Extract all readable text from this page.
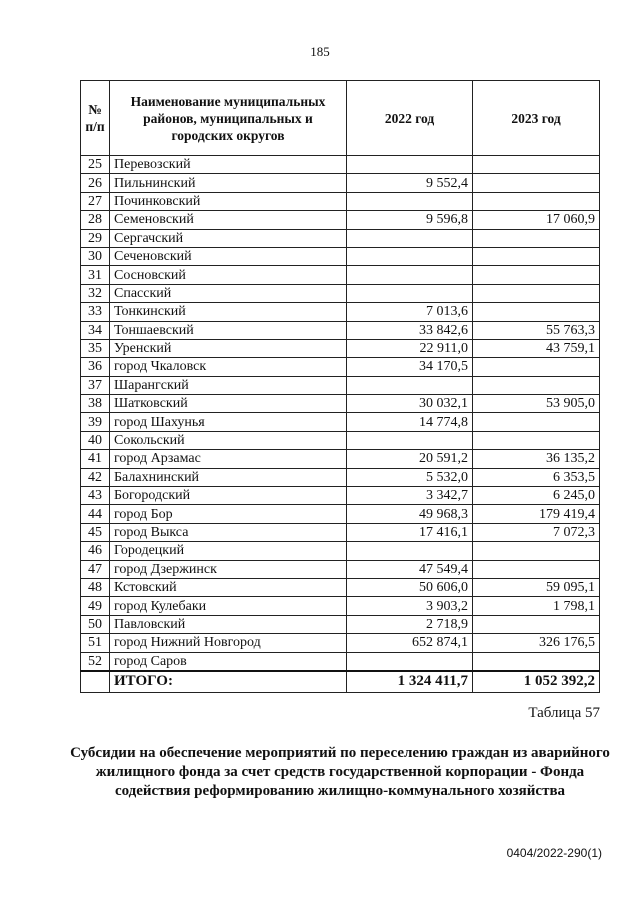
185
№ п/п	Наименование муниципальных районов, муниципальных и городских округов	2022 год	2023 год
25	Перевозский		
26	Пильнинский	9 552,4	
27	Починковский		
28	Семеновский	9 596,8	17 060,9
29	Сергачский		
30	Сеченовский		
31	Сосновский		
32	Спасский		
33	Тонкинский	7 013,6	
34	Тоншаевский	33 842,6	55 763,3
35	Уренский	22 911,0	43 759,1
36	город Чкаловск	34 170,5	
37	Шарангский		
38	Шатковский	30 032,1	53 905,0
39	город Шахунья	14 774,8	
40	Сокольский		
41	город Арзамас	20 591,2	36 135,2
42	Балахнинский	5 532,0	6 353,5
43	Богородский	3 342,7	6 245,0
44	город Бор	49 968,3	179 419,4
45	город Выкса	17 416,1	7 072,3
46	Городецкий		
47	город Дзержинск	47 549,4	
48	Кстовский	50 606,0	59 095,1
49	город Кулебаки	3 903,2	1 798,1
50	Павловский	2 718,9	
51	город Нижний Новгород	652 874,1	326 176,5
52	город Саров		
	ИТОГО:	1 324 411,7	1 052 392,2
Таблица 57
Субсидии на обеспечение мероприятий по переселению граждан из аварийного жилищного фонда за счет средств государственной корпорации - Фонда содействия реформированию жилищно-коммунального хозяйства
0404/2022-290(1)
